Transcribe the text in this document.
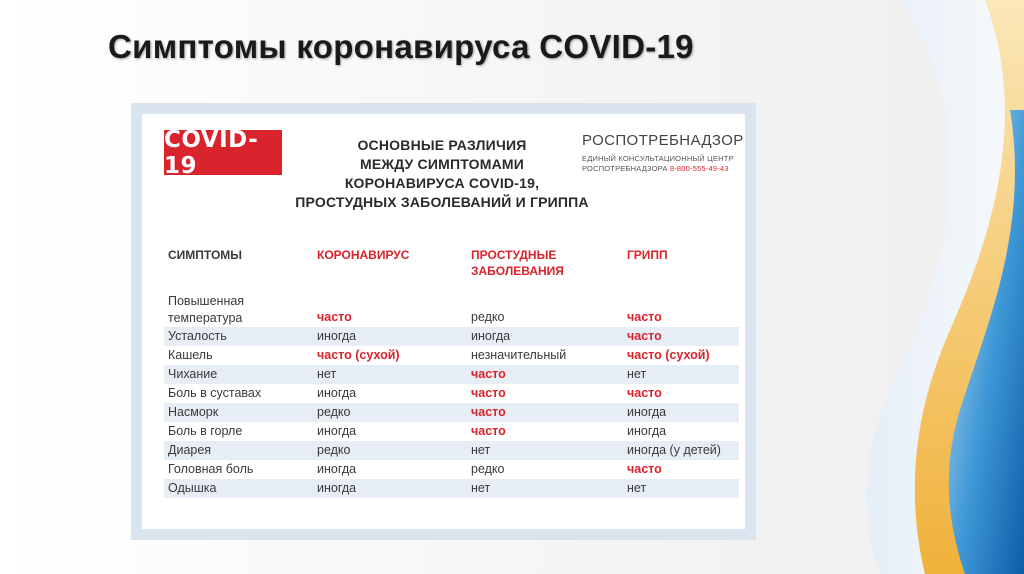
Симптомы коронавируса COVID-19
COVID-19
ОСНОВНЫЕ РАЗЛИЧИЯ
МЕЖДУ СИМПТОМАМИ
КОРОНАВИРУСА COVID-19,
ПРОСТУДНЫХ ЗАБОЛЕВАНИЙ И ГРИППА
РОСПОТРЕБНАДЗОР
ЕДИНЫЙ КОНСУЛЬТАЦИОННЫЙ ЦЕНТР
РОСПОТРЕБНАДЗОРА 8-800-555-49-43
СИМПТОМЫ	КОРОНАВИРУС	ПРОСТУДНЫЕ ЗАБОЛЕВАНИЯ	ГРИПП

Повышенная
температура	часто	редко	часто
Усталость	иногда	иногда	часто
Кашель	часто (сухой)	незначительный	часто (сухой)
Чихание	нет	часто	нет
Боль в суставах	иногда	часто	часто
Насморк	редко	часто	иногда
Боль в горле	иногда	часто	иногда
Диарея	редко	нет	иногда (у детей)
Головная боль	иногда	редко	часто
Одышка	иногда	нет	нет
